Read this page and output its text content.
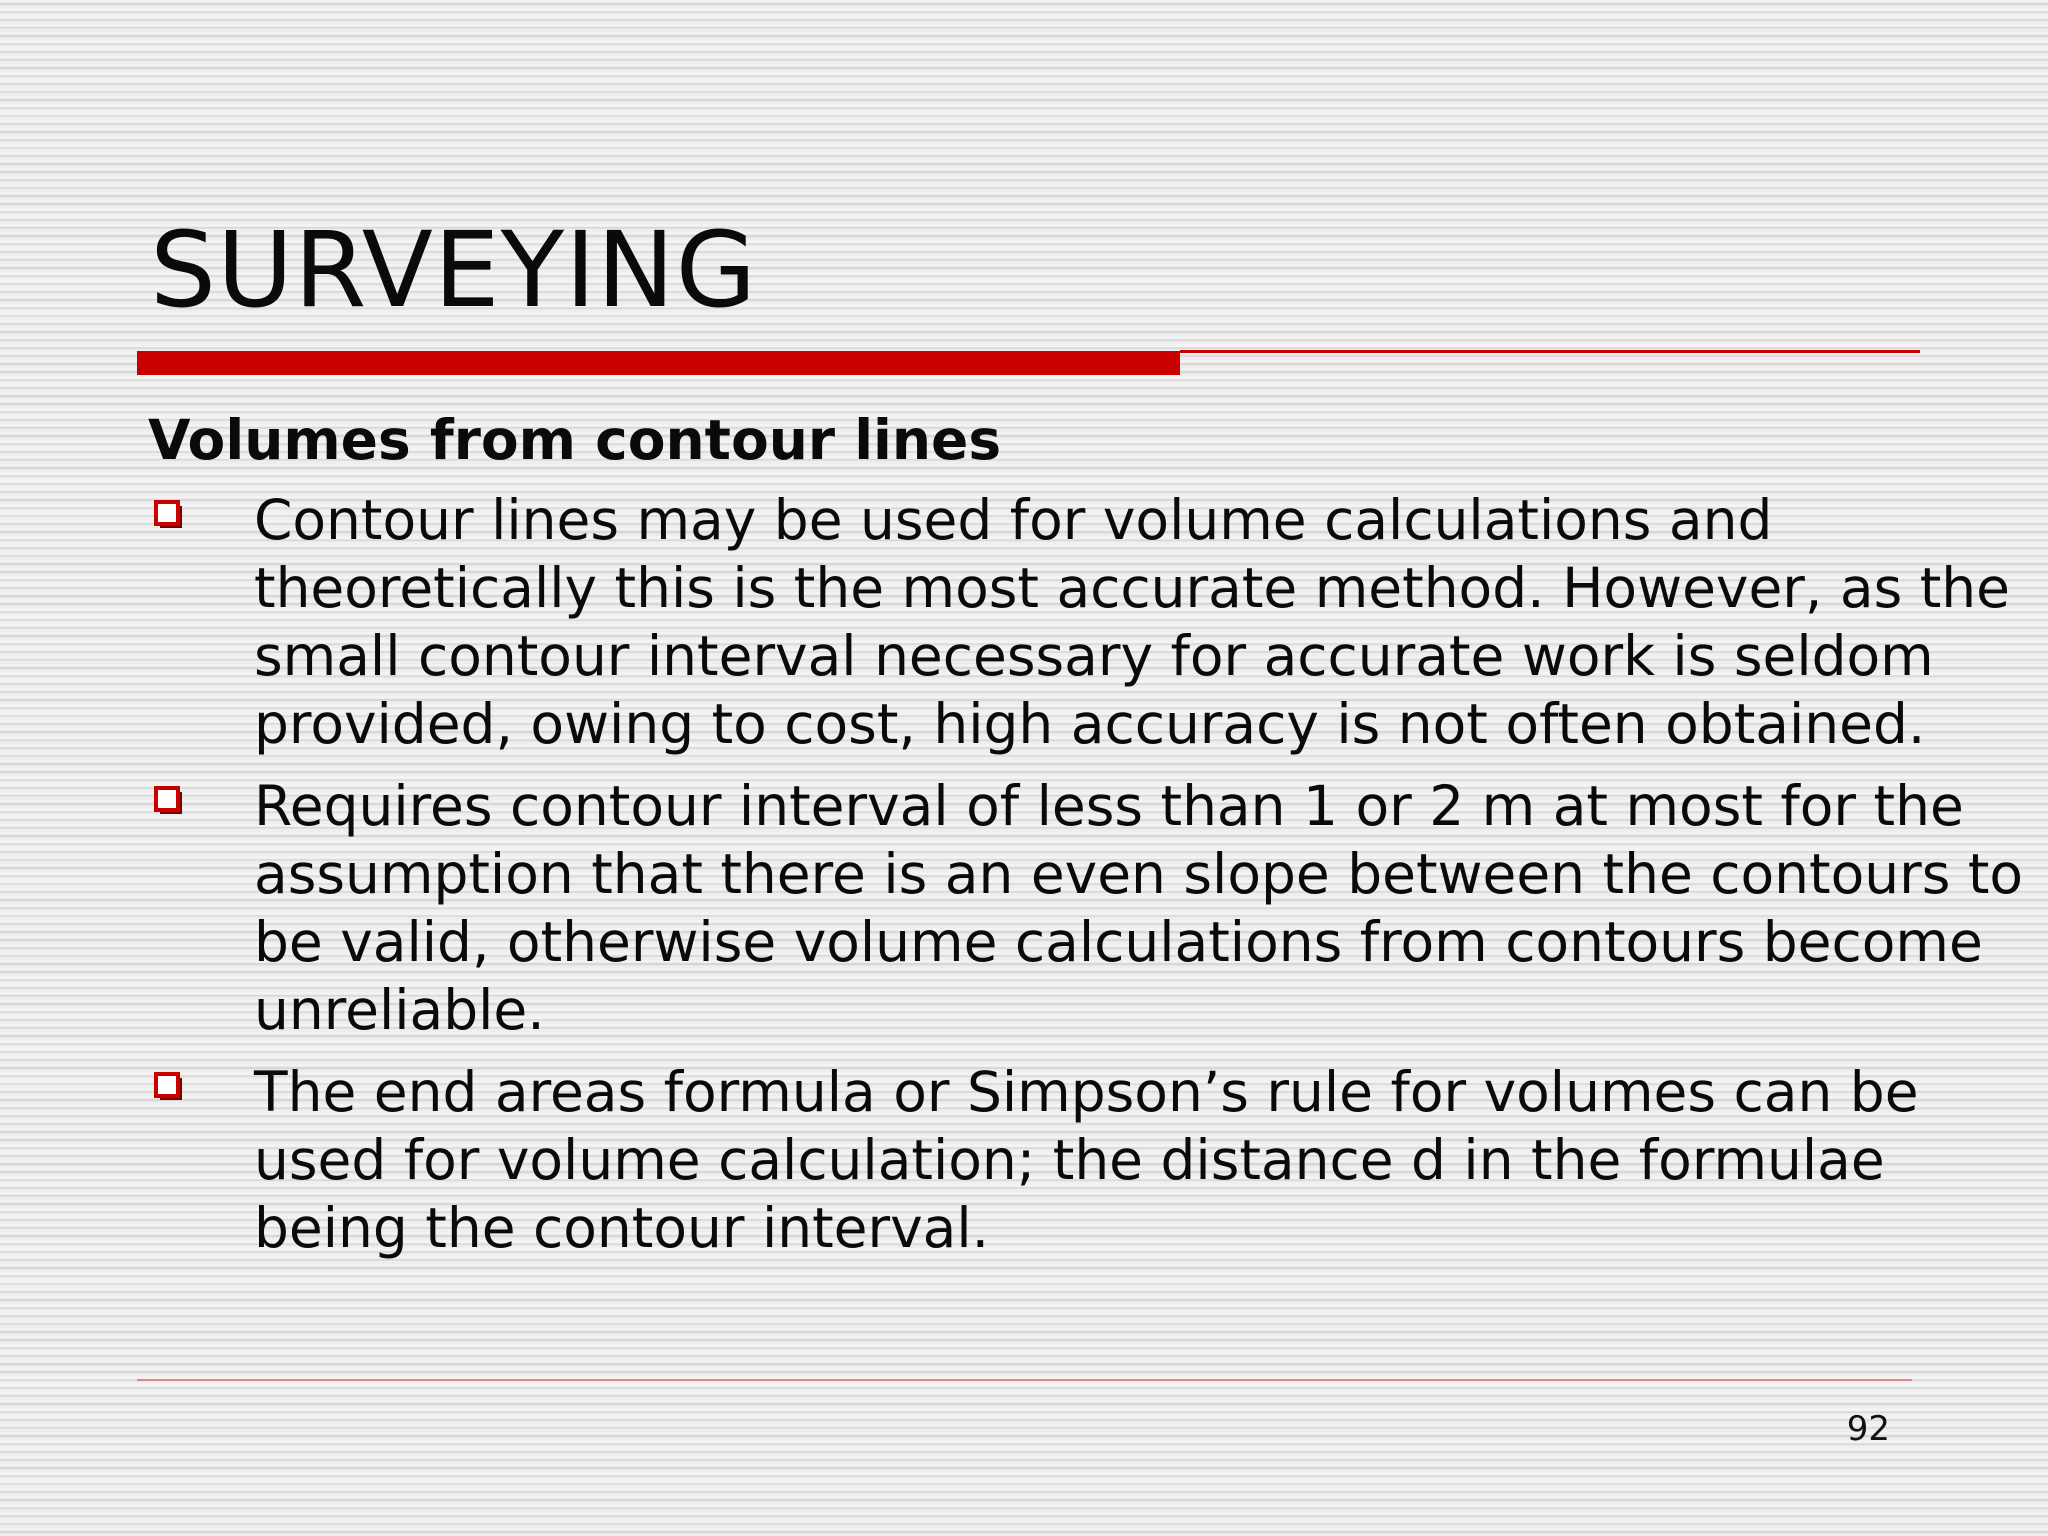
SURVEYING
Volumes from contour lines
Contour lines may be used for volume calculations and theoretically this is the most accurate method. However, as the small contour interval necessary for accurate work is seldom provided, owing to cost, high accuracy is not often obtained.
Requires contour interval of less than 1 or 2 m at most for the assumption that there is an even slope between the contours to be valid, otherwise volume calculations from contours become unreliable.
The end areas formula or Simpson’s rule for volumes can be used for volume calculation; the distance d in the formulae being the contour interval.
92
